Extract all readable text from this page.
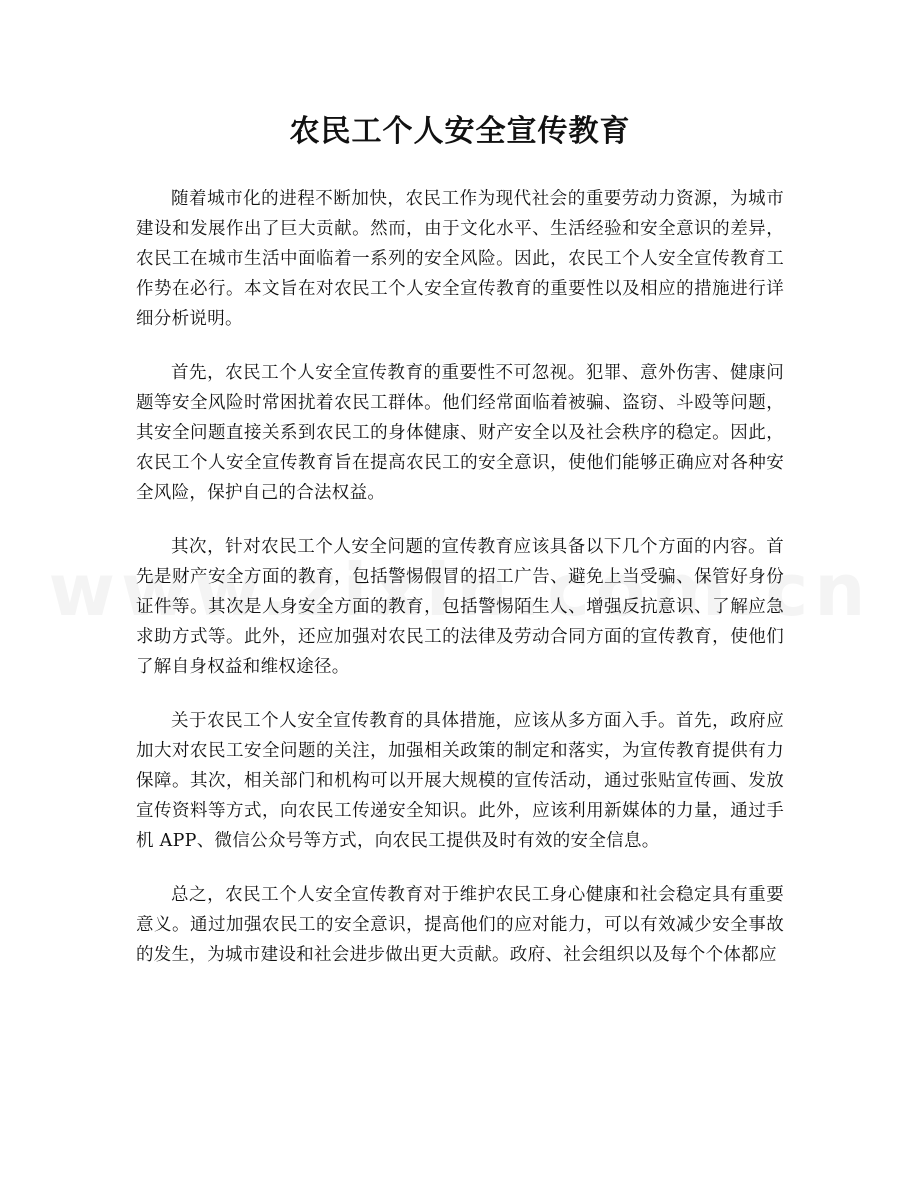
农民工个人安全宣传教育

随着城市化的进程不断加快，农民工作为现代社会的重要劳动力资源，为城市建设和发展作出了巨大贡献。然而，由于文化水平、生活经验和安全意识的差异，农民工在城市生活中面临着一系列的安全风险。因此，农民工个人安全宣传教育工作势在必行。本文旨在对农民工个人安全宣传教育的重要性以及相应的措施进行详细分析说明。

首先，农民工个人安全宣传教育的重要性不可忽视。犯罪、意外伤害、健康问题等安全风险时常困扰着农民工群体。他们经常面临着被骗、盗窃、斗殴等问题，其安全问题直接关系到农民工的身体健康、财产安全以及社会秩序的稳定。因此，农民工个人安全宣传教育旨在提高农民工的安全意识，使他们能够正确应对各种安全风险，保护自己的合法权益。

其次，针对农民工个人安全问题的宣传教育应该具备以下几个方面的内容。首先是财产安全方面的教育，包括警惕假冒的招工广告、避免上当受骗、保管好身份证件等。其次是人身安全方面的教育，包括警惕陌生人、增强反抗意识、了解应急求助方式等。此外，还应加强对农民工的法律及劳动合同方面的宣传教育，使他们了解自身权益和维权途径。

关于农民工个人安全宣传教育的具体措施，应该从多方面入手。首先，政府应加大对农民工安全问题的关注，加强相关政策的制定和落实，为宣传教育提供有力保障。其次，相关部门和机构可以开展大规模的宣传活动，通过张贴宣传画、发放宣传资料等方式，向农民工传递安全知识。此外，应该利用新媒体的力量，通过手机 APP、微信公众号等方式，向农民工提供及时有效的安全信息。

总之，农民工个人安全宣传教育对于维护农民工身心健康和社会稳定具有重要意义。通过加强农民工的安全意识，提高他们的应对能力，可以有效减少安全事故的发生，为城市建设和社会进步做出更大贡献。政府、社会组织以及每个个体都应
